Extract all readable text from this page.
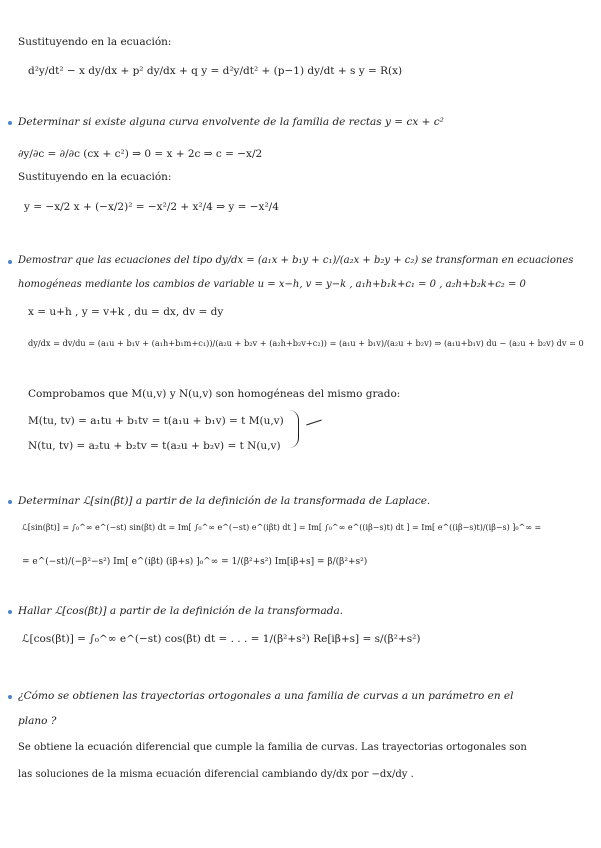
Sustituyendo en la ecuación:
d²y/dt² − x dy/dx + p² dy/dx + q y = d²y/dt² + (p−1) dy/dt + s y = R(x)
Determinar si existe alguna curva envolvente de la familia de rectas y = cx + c²
∂y/∂c = ∂/∂c (cx + c²) ⇒ 0 = x + 2c ⇒ c = −x/2
Sustituyendo en la ecuación:
y = −x/2 x + (−x/2)² = −x²/2 + x²/4 ⇒ y = −x²/4
Demostrar que las ecuaciones del tipo dy/dx = (a₁x + b₁y + c₁)/(a₂x + b₂y + c₂) se transforman en ecuaciones
homogéneas mediante los cambios de variable u = x−h, v = y−k , a₁h+b₁k+c₁ = 0 , a₂h+b₂k+c₂ = 0
x = u+h , y = v+k , du = dx, dv = dy
dy/dx = dv/du = (a₁u + b₁v + (a₁h+b₁m+c₁))/(a₂u + b₂v + (a₂h+b₂v+c₂)) = (a₁u + b₁v)/(a₂u + b₂v) ⇒ (a₁u+b₁v) du − (a₂u + b₂v) dv = 0
Comprobamos que M(u,v) y N(u,v) son homogéneas del mismo grado:
M(tu, tv) = a₁tu + b₁tv = t(a₁u + b₁v) = t M(u,v)
N(tu, tv) = a₂tu + b₂tv = t(a₂u + b₂v) = t N(u,v)
Determinar ℒ[sin(βt)] a partir de la definición de la transformada de Laplace.
ℒ[sin(βt)] = ∫₀^∞ e^(−st) sin(βt) dt = Im[ ∫₀^∞ e^(−st) e^(iβt) dt ] = Im[ ∫₀^∞ e^((iβ−s)t) dt ] = Im[ e^((iβ−s)t)/(iβ−s) ]₀^∞ =
= e^(−st)/(−β²−s²) Im[ e^(iβt) (iβ+s) ]₀^∞ = 1/(β²+s²) Im[iβ+s] = β/(β²+s²)
Hallar ℒ[cos(βt)] a partir de la definición de la transformada.
ℒ[cos(βt)] = ∫₀^∞ e^(−st) cos(βt) dt = . . . = 1/(β²+s²) Re[iβ+s] = s/(β²+s²)
¿Cómo se obtienen las trayectorias ortogonales a una familia de curvas a un parámetro en el
plano ?
Se obtiene la ecuación diferencial que cumple la familia de curvas. Las trayectorias ortogonales son
las soluciones de la misma ecuación diferencial cambiando dy/dx por −dx/dy .
